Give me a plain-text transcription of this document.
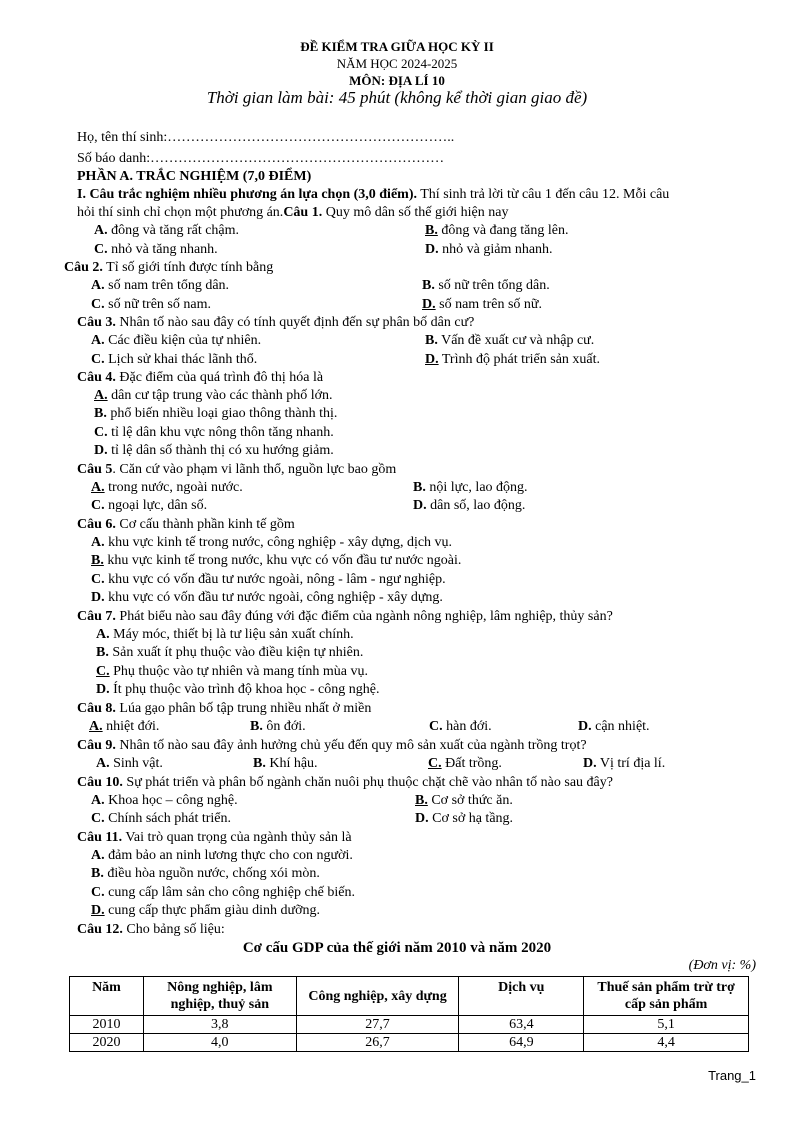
ĐỀ KIỂM TRA GIỮA HỌC KỲ II
NĂM HỌC 2024-2025
MÔN: ĐỊA LÍ 10
Thời gian làm bài: 45 phút (không kể thời gian giao đề)
Họ, tên thí sinh:……………………………………………………..
Số báo danh:………………………………………………………
PHẦN A. TRẮC NGHIỆM (7,0 ĐIỂM)
I. Câu trắc nghiệm nhiều phương án lựa chọn (3,0 điểm). Thí sinh trả lời từ câu 1 đến câu 12. Mỗi câu
hỏi thí sinh chỉ chọn một phương án.Câu 1. Quy mô dân số thế giới hiện nay
A. đông và tăng rất chậm.	B. đông và đang tăng lên.
C. nhỏ và tăng nhanh.	D. nhỏ và giảm nhanh.
Câu 2. Tỉ số giới tính được tính bằng
A. số nam trên tổng dân.	B. số nữ trên tổng dân.
C. số nữ trên số nam.	D. số nam trên số nữ.
Câu 3. Nhân tố nào sau đây có tính quyết định đến sự phân bố dân cư?
A. Các điều kiện của tự nhiên.	B. Vấn đề xuất cư và nhập cư.
C. Lịch sử khai thác lãnh thổ.	D. Trình độ phát triển sản xuất.
Câu 4. Đặc điểm của quá trình đô thị hóa là
A. dân cư tập trung vào các thành phố lớn.
B. phổ biến nhiều loại giao thông thành thị.
C. tỉ lệ dân khu vực nông thôn tăng nhanh.
D. tỉ lệ dân số thành thị có xu hướng giảm.
Câu 5. Căn cứ vào phạm vi lãnh thổ, nguồn lực bao gồm
A. trong nước, ngoài nước.	B. nội lực, lao động.
C. ngoại lực, dân số.	D. dân số, lao động.
Câu 6. Cơ cấu thành phần kinh tế gồm
A. khu vực kinh tế trong nước, công nghiệp - xây dựng, dịch vụ.
B. khu vực kinh tế trong nước, khu vực có vốn đầu tư nước ngoài.
C. khu vực có vốn đầu tư nước ngoài, nông - lâm - ngư nghiệp.
D. khu vực có vốn đầu tư nước ngoài, công nghiệp - xây dựng.
Câu 7. Phát biểu nào sau đây đúng với đặc điểm của ngành nông nghiệp, lâm nghiệp, thủy sản?
A. Máy móc, thiết bị là tư liệu sản xuất chính.
B. Sản xuất ít phụ thuộc vào điều kiện tự nhiên.
C. Phụ thuộc vào tự nhiên và mang tính mùa vụ.
D. Ít phụ thuộc vào trình độ khoa học - công nghệ.
Câu 8. Lúa gạo phân bố tập trung nhiều nhất ở miền
A. nhiệt đới.	B. ôn đới.	C. hàn đới.	D. cận nhiệt.
Câu 9. Nhân tố nào sau đây ảnh hưởng chủ yếu đến quy mô sản xuất của ngành trồng trọt?
A. Sinh vật.	B. Khí hậu.	C. Đất trồng.	D. Vị trí địa lí.
Câu 10. Sự phát triển và phân bố ngành chăn nuôi phụ thuộc chặt chẽ vào nhân tố nào sau đây?
A. Khoa học – công nghệ.	B. Cơ sở thức ăn.
C. Chính sách phát triển.	D. Cơ sở hạ tầng.
Câu 11. Vai trò quan trọng của ngành thủy sản là
A. đảm bảo an ninh lương thực cho con người.
B. điều hòa nguồn nước, chống xói mòn.
C. cung cấp lâm sản cho công nghiệp chế biến.
D. cung cấp thực phẩm giàu dinh dưỡng.
Câu 12. Cho bảng số liệu:
Cơ cấu GDP của thế giới năm 2010 và năm 2020
(Đơn vị: %)
Năm	Nông nghiệp, lâm nghiệp, thuỷ sản	Công nghiệp, xây dựng	Dịch vụ	Thuế sản phẩm trừ trợ cấp sản phẩm
2010	3,8	27,7	63,4	5,1
2020	4,0	26,7	64,9	4,4
Trang_1
